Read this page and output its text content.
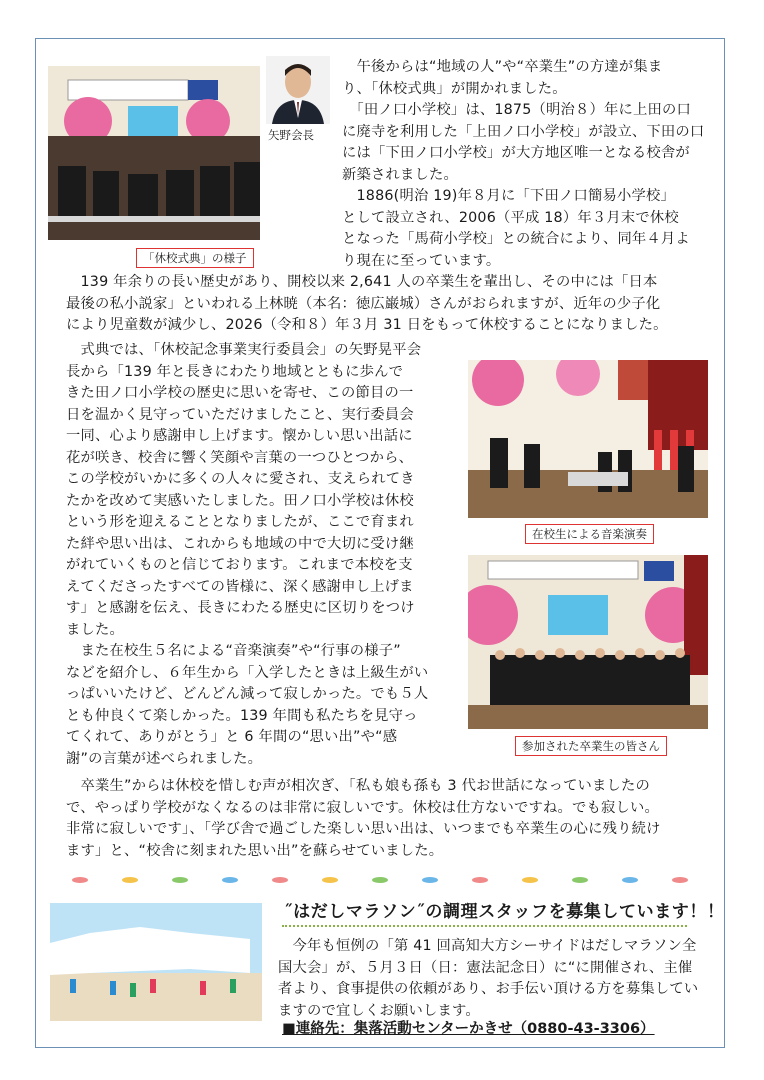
「休校式典」の様子
矢野会長
　午後からは“地域の人”や“卒業生”の方達が集ま
り、「休校式典」が開かれました。
　「田ノ口小学校」は、1875（明治８）年に上田の口
に廃寺を利用した「上田ノ口小学校」が設立、下田の口
には「下田ノ口小学校」が大方地区唯一となる校舎が
新築されました。
　1886(明治 19)年８月に「下田ノ口簡易小学校」
として設立され、2006（平成 18）年３月末で休校
となった「馬荷小学校」との統合により、同年４月よ
り現在に至っています。
　139 年余りの長い歴史があり、開校以来 2,641 人の卒業生を輩出し、その中には「日本
最後の私小説家」といわれる上林暁（本名：徳広巌城）さんがおられますが、近年の少子化
により児童数が減少し、2026（令和８）年３月 31 日をもって休校することになりました。
　式典では、「休校記念事業実行委員会」の矢野晃平会
長から「139 年と長きにわたり地域とともに歩んで
きた田ノ口小学校の歴史に思いを寄せ、この節目の一
日を温かく見守っていただけましたこと、実行委員会
一同、心より感謝申し上げます。懐かしい思い出話に
花が咲き、校舎に響く笑顔や言葉の一つひとつから、
この学校がいかに多くの人々に愛され、支えられてき
たかを改めて実感いたしました。田ノ口小学校は休校
という形を迎えることとなりましたが、ここで育まれ
た絆や思い出は、これからも地域の中で大切に受け継
がれていくものと信じております。これまで本校を支
えてくださったすべての皆様に、深く感謝申し上げま
す」と感謝を伝え、長きにわたる歴史に区切りをつけ
ました。
　また在校生５名による“音楽演奏”や“行事の様子”
などを紹介し、６年生から「入学したときは上級生がい
っぱいいたけど、どんどん減って寂しかった。でも５人
とも仲良くて楽しかった。139 年間も私たちを見守っ
てくれて、ありがとう」と 6 年間の“思い出”や“感
謝”の言葉が述べられました。
在校生による音楽演奏
参加された卒業生の皆さん
　卒業生”からは休校を惜しむ声が相次ぎ、「私も娘も孫も 3 代お世話になっていましたの
で、やっぱり学校がなくなるのは非常に寂しいです。休校は仕方ないですね。でも寂しい。
非常に寂しいです」、「学び舎で過ごした楽しい思い出は、いつまでも卒業生の心に残り続け
ます」と、“校舎に刻まれた思い出”を蘇らせていました。
˝はだしマラソン˝の調理スタッフを募集しています！！
　今年も恒例の「第 41 回高知大方シーサイドはだしマラソン全
国大会」が、５月３日（日：憲法記念日）に“に開催され、主催
者より、食事提供の依頼があり、お手伝い頂ける方を募集してい
ますので宜しくお願いします。
■連絡先：集落活動センターかきせ（0880-43-3306）
